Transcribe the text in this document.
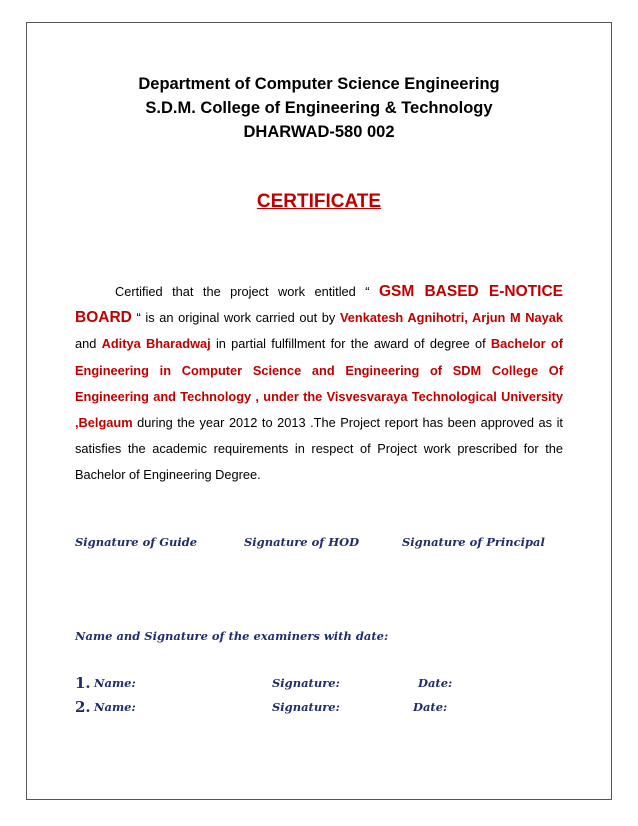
Department of Computer Science Engineering
S.D.M. College of Engineering & Technology
DHARWAD-580 002
CERTIFICATE
Certified that the project work entitled “ GSM BASED E-NOTICE BOARD “ is an original work carried out by Venkatesh Agnihotri, Arjun M Nayak and Aditya Bharadwaj in partial fulfillment for the award of degree of Bachelor of Engineering in Computer Science and Engineering of SDM College Of Engineering and Technology , under the Visvesvaraya Technological University ,Belgaum during the year 2012 to 2013 .The Project report has been approved as it satisfies the academic requirements in respect of Project work prescribed for the Bachelor of Engineering Degree.
Signature of Guide	Signature of HOD	Signature of Principal
Name and Signature of the examiners with date:
1. Name:	Signature:	Date:
2. Name:	Signature:	Date:
